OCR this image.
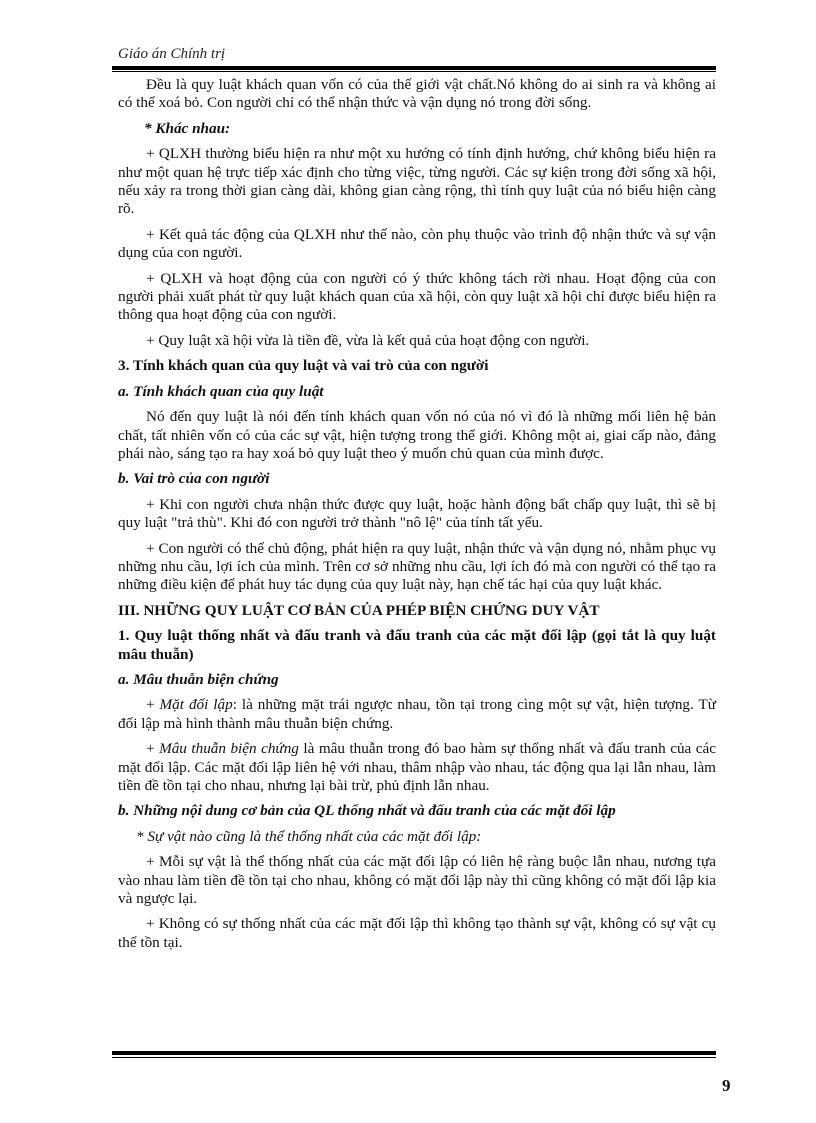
Giáo án Chính trị

Đều là quy luật khách quan vốn có của thế giới vật chất.Nó không do ai sinh ra và không ai có thể xoá bỏ. Con người chỉ có thể nhận thức và vận dụng nó trong đời sống.

* Khác nhau:

+ QLXH thường biểu hiện ra như một xu hướng có tính định hướng, chứ không biểu hiện ra như một quan hệ trực tiếp xác định cho từng việc, từng người. Các sự kiện trong đời sống xã hội, nếu xảy ra trong thời gian càng dài, không gian càng rộng, thì tính quy luật của nó biểu hiện càng rõ.

+ Kết quả tác động của QLXH như thế nào, còn phụ thuộc vào trình độ nhận thức và sự vận dụng của con người.

+ QLXH và hoạt động của con người có ý thức không tách rời nhau. Hoạt động của con người phải xuất phát từ quy luật khách quan của xã hội, còn quy luật xã hội chỉ được biểu hiện ra thông qua hoạt động của con người.

+ Quy luật xã hội vừa là tiền đề, vừa là kết quả của hoạt động con người.

3. Tính khách quan của quy luật và vai trò của con người

a. Tính khách quan của quy luật

Nó đến quy luật là nói đến tính khách quan vốn nó của nó vì đó là những mối liên hệ bản chất, tất nhiên vốn có của các sự vật, hiện tượng trong thế giới. Không một ai, giai cấp nào, đảng phái nào, sáng tạo ra hay xoá bỏ quy luật theo ý muốn chủ quan của mình được.

b. Vai trò của con người

+ Khi con người chưa nhận thức được quy luật, hoặc hành động bất chấp quy luật, thì sẽ bị quy luật "trả thù". Khi đó con người trở thành "nô lệ" của tính tất yếu.

+ Con người có thể chủ động, phát hiện ra quy luật, nhận thức và vận dụng nó, nhằm phục vụ những nhu cầu, lợi ích của mình. Trên cơ sở những nhu cầu, lợi ích đó mà con người có thể tạo ra những điều kiện để phát huy tác dụng của quy luật này, hạn chế tác hại của quy luật khác.

III. NHỮNG QUY LUẬT CƠ BẢN CỦA PHÉP BIỆN CHỨNG DUY VẬT

1. Quy luật thống nhất và đấu tranh và đấu tranh của các mặt đối lập (gọi tắt là quy luật mâu thuẫn)

a. Mâu thuẫn biện chứng

+ Mặt đối lập: là những mặt trái ngược nhau, tồn tại trong cìng một sự vật, hiện tượng. Từ đối lập mà hình thành mâu thuẫn biện chứng.

+ Mâu thuẫn biện chứng là mâu thuẫn trong đó bao hàm sự thống nhất và đấu tranh của các mặt đối lập. Các mặt đối lập liên hệ với nhau, thâm nhập vào nhau, tác động qua lại lẫn nhau, làm tiền đề tồn tại cho nhau, nhưng lại bài trừ, phủ định lẫn nhau.

b. Những nội dung cơ bản của QL thống nhất và đấu tranh của các mặt đối lập

* Sự vật nào cũng là thể thống nhất của các mặt đối lập:

+ Mỗi sự vật là thể thống nhất của các mặt đối lập có liên hệ ràng buộc lẫn nhau, nương tựa vào nhau làm tiền đề tồn tại cho nhau, không có mặt đối lập này thì cũng không có mặt đối lập kia và ngược lại.

+ Không có sự thống nhất của các mặt đối lập thì không tạo thành sự vật, không có sự vật cụ thể tồn tại.

9
